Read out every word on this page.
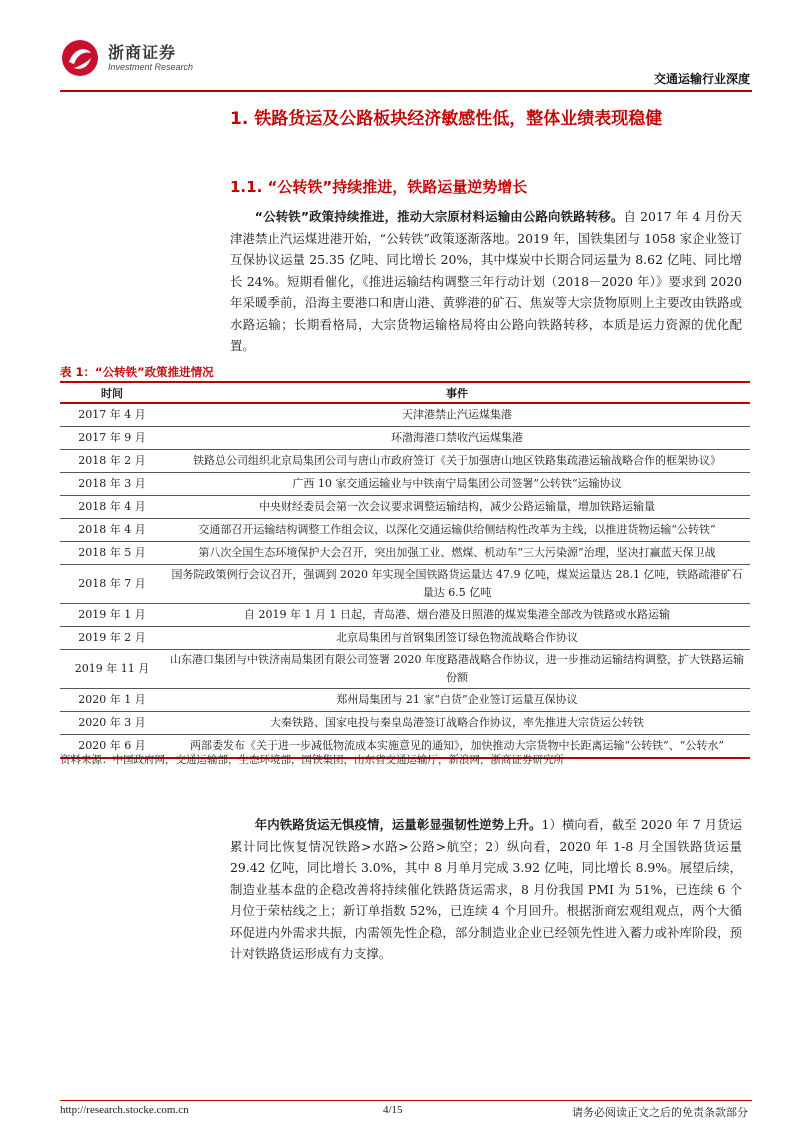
浙商证券
Investment Research
交通运输行业深度
1. 铁路货运及公路板块经济敏感性低，整体业绩表现稳健
1.1. “公转铁”持续推进，铁路运量逆势增长
“公转铁”政策持续推进，推动大宗原材料运输由公路向铁路转移。自 2017 年 4 月份天津港禁止汽运煤进港开始，“公转铁”政策逐渐落地。2019 年，国铁集团与 1058 家企业签订互保协议运量 25.35 亿吨、同比增长 20%，其中煤炭中长期合同运量为 8.62 亿吨、同比增长 24%。短期看催化，《推进运输结构调整三年行动计划（2018－2020 年）》要求到 2020 年采暖季前，沿海主要港口和唐山港、黄骅港的矿石、焦炭等大宗货物原则上主要改由铁路或水路运输；长期看格局，大宗货物运输格局将由公路向铁路转移，本质是运力资源的优化配置。
表 1：“公转铁”政策推进情况
时间	事件
2017 年 4 月	天津港禁止汽运煤集港
2017 年 9 月	环渤海港口禁收汽运煤集港
2018 年 2 月	铁路总公司组织北京局集团公司与唐山市政府签订《关于加强唐山地区铁路集疏港运输战略合作的框架协议》
2018 年 3 月	广西 10 家交通运输业与中铁南宁局集团公司签署”公转铁“运输协议
2018 年 4 月	中央财经委员会第一次会议要求调整运输结构，减少公路运输量，增加铁路运输量
2018 年 4 月	交通部召开运输结构调整工作组会议，以深化交通运输供给侧结构性改革为主线，以推进货物运输“公转铁”
2018 年 5 月	第八次全国生态环境保护大会召开，突出加强工业、燃煤、机动车“三大污染源”治理，坚决打赢蓝天保卫战
2018 年 7 月	国务院政策例行会议召开，强调到 2020 年实现全国铁路货运量达 47.9 亿吨，煤炭运量达 28.1 亿吨，铁路疏港矿石量达 6.5 亿吨
2019 年 1 月	自 2019 年 1 月 1 日起，青岛港、烟台港及日照港的煤炭集港全部改为铁路或水路运输
2019 年 2 月	北京局集团与首钢集团签订绿色物流战略合作协议
2019 年 11 月	山东港口集团与中铁济南局集团有限公司签署 2020 年度路港战略合作协议，进一步推动运输结构调整，扩大铁路运输份额
2020 年 1 月	郑州局集团与 21 家“白货”企业签订运量互保协议
2020 年 3 月	大秦铁路、国家电投与秦皇岛港签订战略合作协议，率先推进大宗货运公转铁
2020 年 6 月	两部委发布《关于进一步减低物流成本实施意见的通知》，加快推动大宗货物中长距离运输“公转铁”、“公转水”
资料来源：中国政府网，交通运输部，生态环境部，国铁集团，山东省交通运输厅，新浪网，浙商证券研究所
年内铁路货运无惧疫情，运量彰显强韧性逆势上升。1）横向看，截至 2020 年 7 月货运累计同比恢复情况铁路>水路>公路>航空；2）纵向看，2020 年 1-8 月全国铁路货运量 29.42 亿吨，同比增长 3.0%，其中 8 月单月完成 3.92 亿吨，同比增长 8.9%。展望后续，制造业基本盘的企稳改善将持续催化铁路货运需求，8 月份我国 PMI 为 51%，已连续 6 个月位于荣枯线之上；新订单指数 52%，已连续 4 个月回升。根据浙商宏观组观点，两个大循环促进内外需求共振，内需领先性企稳，部分制造业企业已经领先性进入蓄力或补库阶段，预计对铁路货运形成有力支撑。
http://research.stocke.com.cn	4/15	请务必阅读正文之后的免责条款部分
